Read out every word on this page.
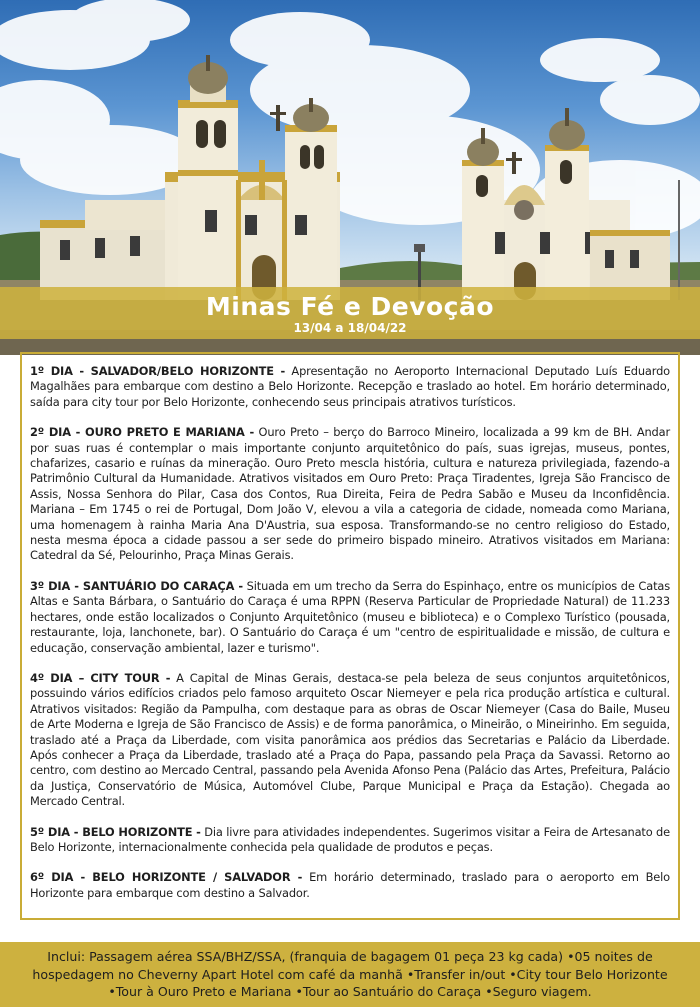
Minas Fé e Devoção
13/04 a 18/04/22

1º DIA - SALVADOR/BELO HORIZONTE - Apresentação no Aeroporto Internacional Deputado Luís Eduardo Magalhães para embarque com destino a Belo Horizonte. Recepção e traslado ao hotel. Em horário determinado, saída para city tour por Belo Horizonte, conhecendo seus principais atrativos turísticos.

2º DIA - OURO PRETO E MARIANA - Ouro Preto – berço do Barroco Mineiro, localizada a 99 km de BH. Andar por suas ruas é contemplar o mais importante conjunto arquitetônico do país, suas igrejas, museus, pontes, chafarizes, casario e ruínas da mineração. Ouro Preto mescla história, cultura e natureza privilegiada, fazendo-a Patrimônio Cultural da Humanidade. Atrativos visitados em Ouro Preto: Praça Tiradentes, Igreja São Francisco de Assis, Nossa Senhora do Pilar, Casa dos Contos, Rua Direita, Feira de Pedra Sabão e Museu da Inconfidência. Mariana – Em 1745 o rei de Portugal, Dom João V, elevou a vila a categoria de cidade, nomeada como Mariana, uma homenagem à rainha Maria Ana D'Austria, sua esposa. Transformando-se no centro religioso do Estado, nesta mesma época a cidade passou a ser sede do primeiro bispado mineiro. Atrativos visitados em Mariana: Catedral da Sé, Pelourinho, Praça Minas Gerais.

3º DIA - SANTUÁRIO DO CARAÇA - Situada em um trecho da Serra do Espinhaço, entre os municípios de Catas Altas e Santa Bárbara, o Santuário do Caraça é uma RPPN (Reserva Particular de Propriedade Natural) de 11.233 hectares, onde estão localizados o Conjunto Arquitetônico (museu e biblioteca) e o Complexo Turístico (pousada, restaurante, loja, lanchonete, bar). O Santuário do Caraça é um "centro de espiritualidade e missão, de cultura e educação, conservação ambiental, lazer e turismo".

4º DIA – CITY TOUR - A Capital de Minas Gerais, destaca-se pela beleza de seus conjuntos arquitetônicos, possuindo vários edifícios criados pelo famoso arquiteto Oscar Niemeyer e pela rica produção artística e cultural. Atrativos visitados: Região da Pampulha, com destaque para as obras de Oscar Niemeyer (Casa do Baile, Museu de Arte Moderna e Igreja de São Francisco de Assis) e de forma panorâmica, o Mineirão, o Mineirinho. Em seguida, traslado até a Praça da Liberdade, com visita panorâmica aos prédios das Secretarias e Palácio da Liberdade. Após conhecer a Praça da Liberdade, traslado até a Praça do Papa, passando pela Praça da Savassi. Retorno ao centro, com destino ao Mercado Central, passando pela Avenida Afonso Pena (Palácio das Artes, Prefeitura, Palácio da Justiça, Conservatório de Música, Automóvel Clube, Parque Municipal e Praça da Estação). Chegada ao Mercado Central.

5º DIA - BELO HORIZONTE - Dia livre para atividades independentes. Sugerimos visitar a Feira de Artesanato de Belo Horizonte, internacionalmente conhecida pela qualidade de produtos e peças.

6º DIA - BELO HORIZONTE / SALVADOR - Em horário determinado, traslado para o aeroporto em Belo Horizonte para embarque com destino a Salvador.

Inclui: Passagem aérea SSA/BHZ/SSA, (franquia de bagagem 01 peça 23 kg cada) •05 noites de hospedagem no Cheverny Apart Hotel com café da manhã •Transfer in/out •City tour Belo Horizonte •Tour à Ouro Preto e Mariana •Tour ao Santuário do Caraça •Seguro viagem.
